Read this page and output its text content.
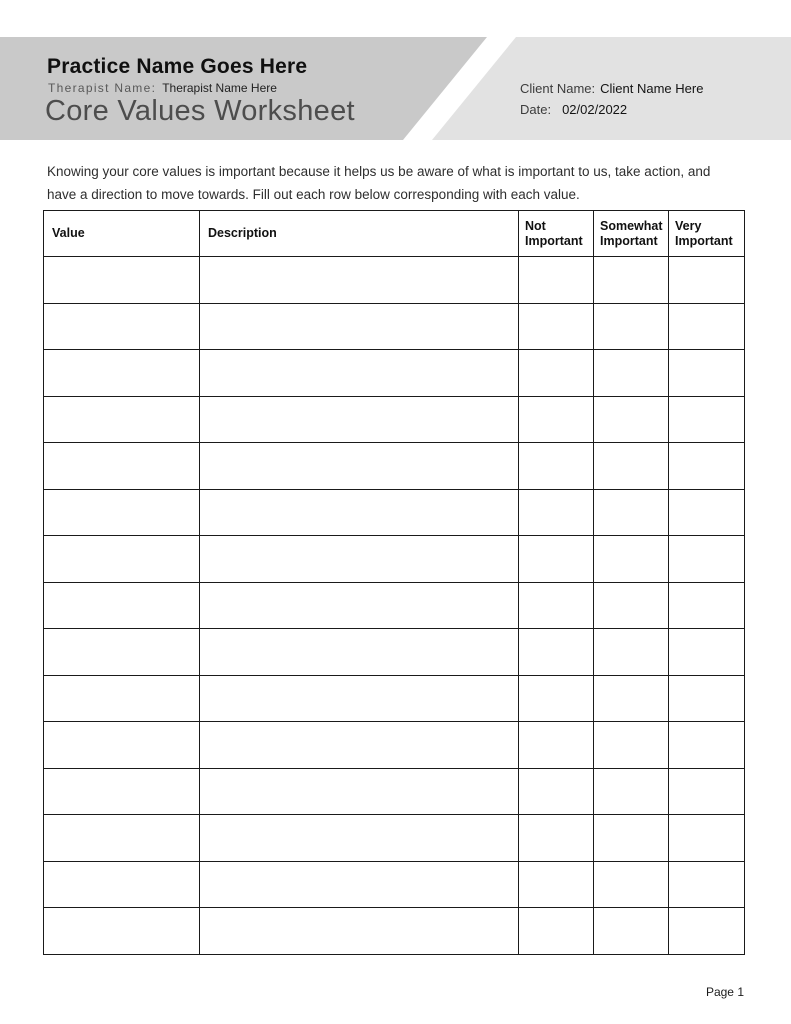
Practice Name Goes Here
Therapist Name: Therapist Name Here
Core Values Worksheet
Client Name: Client Name Here
Date: 02/02/2022
Knowing your core values is important because it helps us be aware of what is important to us, take action, and have a direction to move towards. Fill out each row below corresponding with each value.
Value	Description	Not Important	Somewhat Important	Very Important

Page 1
